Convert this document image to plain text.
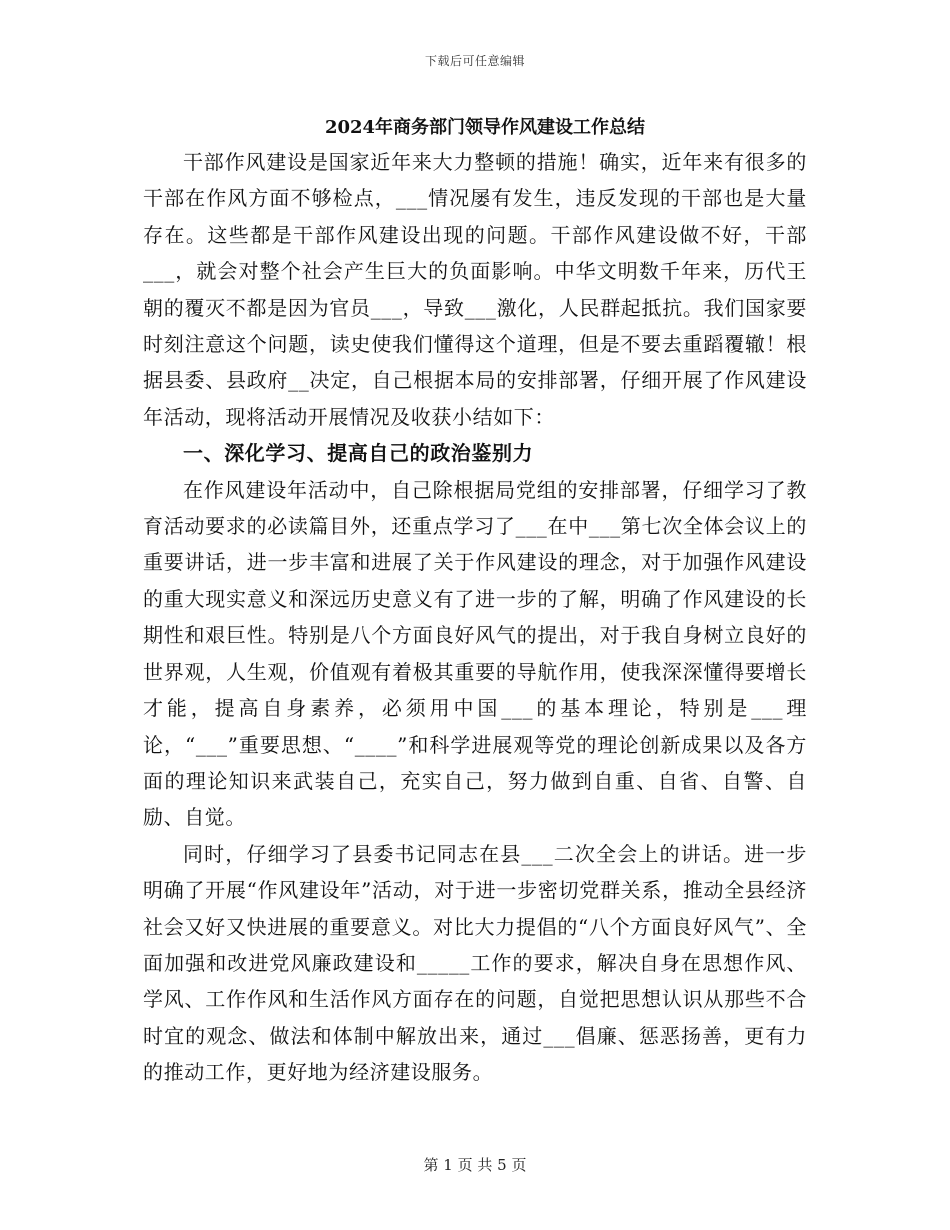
下载后可任意编辑
2024年商务部门领导作风建设工作总结

干部作风建设是国家近年来大力整顿的措施！确实，近年来有很多的干部在作风方面不够检点，___情况屡有发生，违反发现的干部也是大量存在。这些都是干部作风建设出现的问题。干部作风建设做不好，干部___，就会对整个社会产生巨大的负面影响。中华文明数千年来，历代王朝的覆灭不都是因为官员___，导致___激化，人民群起抵抗。我们国家要时刻注意这个问题，读史使我们懂得这个道理，但是不要去重蹈覆辙！根据县委、县政府__决定，自己根据本局的安排部署，仔细开展了作风建设年活动，现将活动开展情况及收获小结如下：

一、深化学习、提高自己的政治鉴别力

在作风建设年活动中，自己除根据局党组的安排部署，仔细学习了教育活动要求的必读篇目外，还重点学习了___在中___第七次全体会议上的重要讲话，进一步丰富和进展了关于作风建设的理念，对于加强作风建设的重大现实意义和深远历史意义有了进一步的了解，明确了作风建设的长期性和艰巨性。特别是八个方面良好风气的提出，对于我自身树立良好的世界观，人生观，价值观有着极其重要的导航作用，使我深深懂得要增长才能，提高自身素养，必须用中国___的基本理论，特别是___理论，“___”重要思想、“____”和科学进展观等党的理论创新成果以及各方面的理论知识来武装自己，充实自己，努力做到自重、自省、自警、自励、自觉。

同时，仔细学习了县委书记同志在县___二次全会上的讲话。进一步明确了开展“作风建设年”活动，对于进一步密切党群关系，推动全县经济社会又好又快进展的重要意义。对比大力提倡的“八个方面良好风气”、全面加强和改进党风廉政建设和_____工作的要求，解决自身在思想作风、学风、工作作风和生活作风方面存在的问题，自觉把思想认识从那些不合时宜的观念、做法和体制中解放出来，通过___倡廉、惩恶扬善，更有力的推动工作，更好地为经济建设服务。

第 1 页 共 5 页
